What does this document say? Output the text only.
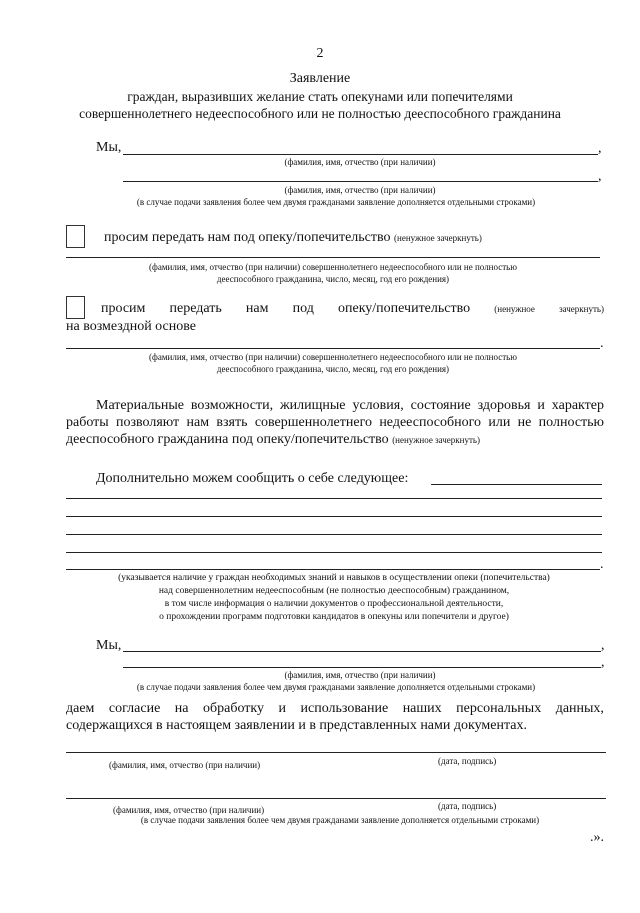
2
Заявление
граждан, выразивших желание стать опекунами или попечителями
совершеннолетнего недееспособного или не полностью дееспособного гражданина
Мы,	,
(фамилия, имя, отчество (при наличии)
,
(фамилия, имя, отчество (при наличии)
(в случае подачи заявления более чем двумя гражданами заявление дополняется отдельными строками)
просим передать нам под опеку/попечительство (ненужное зачеркнуть)
(фамилия, имя, отчество (при наличии) совершеннолетнего недееспособного или не полностью
дееспособного гражданина, число, месяц, год его рождения)
просим передать нам под опеку/попечительство	(ненужное	зачеркнуть)
на возмездной основе
.
(фамилия, имя, отчество (при наличии) совершеннолетнего недееспособного или не полностью
дееспособного гражданина, число, месяц, год его рождения)
Материальные возможности, жилищные условия, состояние здоровья и характер
работы позволяют нам взять совершеннолетнего недееспособного или не полностью
дееспособного гражданина под опеку/попечительство (ненужное зачеркнуть)
Дополнительно можем сообщить о себе следующее:
.
(указывается наличие у граждан необходимых знаний и навыков в осуществлении опеки (попечительства)
над совершеннолетним недееспособным (не полностью дееспособным) гражданином,
в том числе информация о наличии документов о профессиональной деятельности,
о прохождении программ подготовки кандидатов в опекуны или попечители и другое)
Мы,	,
,
(фамилия, имя, отчество (при наличии)
(в случае подачи заявления более чем двумя гражданами заявление дополняется отдельными строками)
даем согласие на обработку и использование наших персональных данных,
содержащихся в настоящем заявлении и в представленных нами документах.
(фамилия, имя, отчество (при наличии)	(дата, подпись)
(фамилия, имя, отчество (при наличии)	(дата, подпись)
(в случае подачи заявления более чем двумя гражданами заявление дополняется отдельными строками)
.».
